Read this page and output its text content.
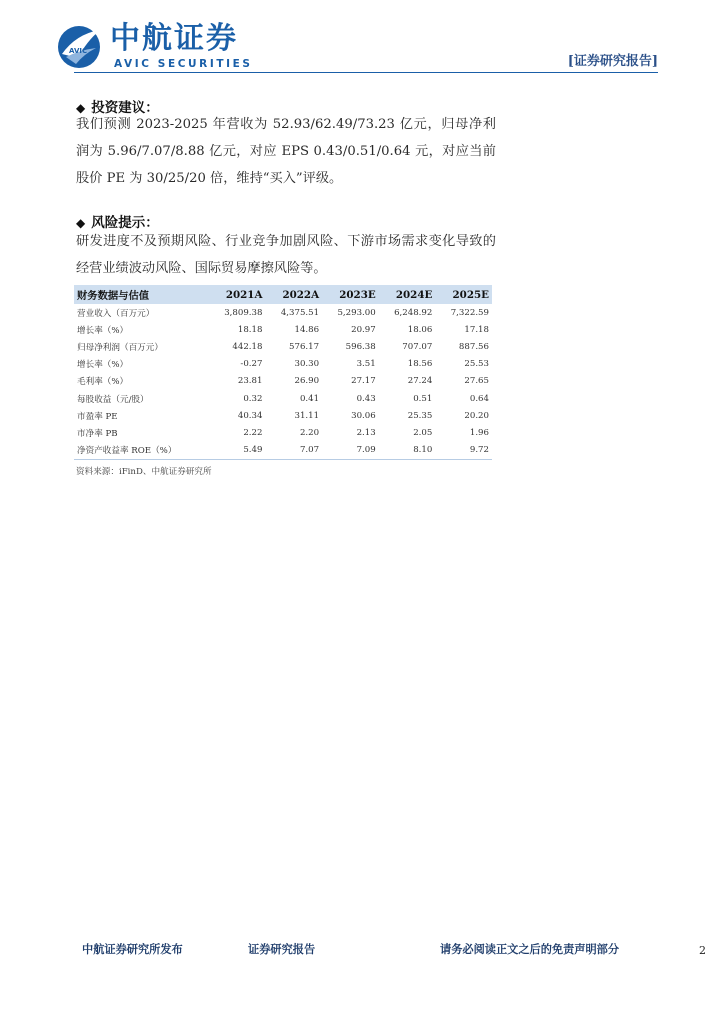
AVIC 中航证券
AVIC SECURITIES	[证券研究报告]
◆ 投资建议：

我们预测 2023-2025 年营收为 52.93/62.49/73.23 亿元，归母净利润为 5.96/7.07/8.88 亿元，对应 EPS 0.43/0.51/0.64 元，对应当前股价 PE 为 30/25/20 倍，维持“买入”评级。

◆ 风险提示：

研发进度不及预期风险、行业竞争加剧风险、下游市场需求变化导致的经营业绩波动风险、国际贸易摩擦风险等。

财务数据与估值	2021A	2022A	2023E	2024E	2025E
营业收入（百万元）	3,809.38	4,375.51	5,293.00	6,248.92	7,322.59
增长率（%）	18.18	14.86	20.97	18.06	17.18
归母净利润（百万元）	442.18	576.17	596.38	707.07	887.56
增长率（%）	-0.27	30.30	3.51	18.56	25.53
毛利率（%）	23.81	26.90	27.17	27.24	27.65
每股收益（元/股）	0.32	0.41	0.43	0.51	0.64
市盈率 PE	40.34	31.11	30.06	25.35	20.20
市净率 PB	2.22	2.20	2.13	2.05	1.96
净资产收益率 ROE（%）	5.49	7.07	7.09	8.10	9.72
资料来源：iFinD、中航证券研究所
中航证券研究所发布	证券研究报告	请务必阅读正文之后的免责声明部分	2
